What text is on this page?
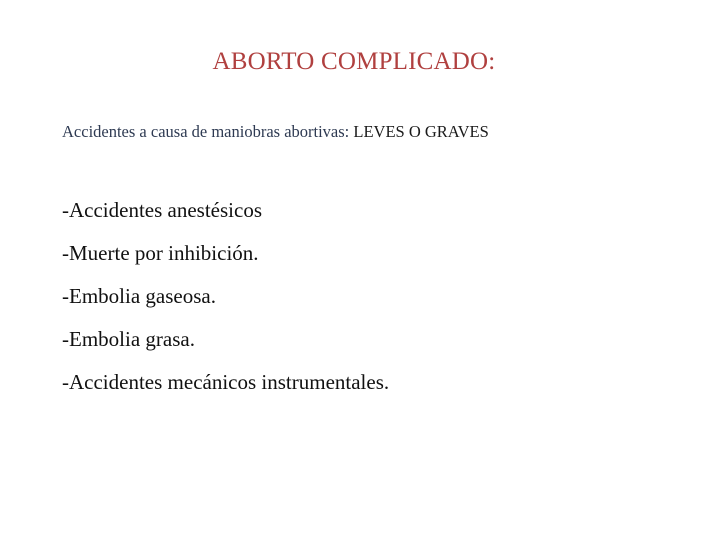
ABORTO COMPLICADO:
Accidentes a causa de maniobras abortivas: LEVES O GRAVES
-Accidentes anestésicos
-Muerte por inhibición.
-Embolia gaseosa.
-Embolia grasa.
-Accidentes mecánicos instrumentales.
